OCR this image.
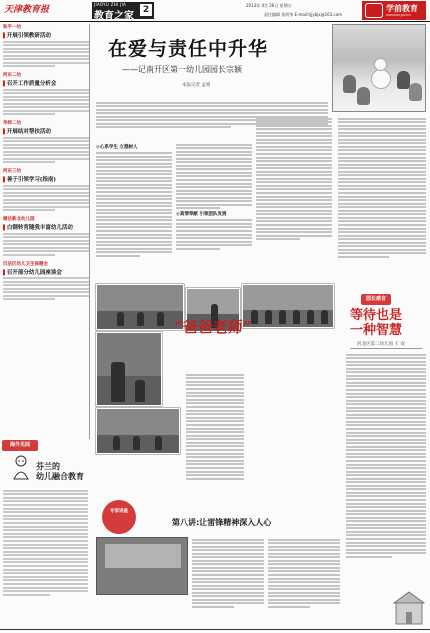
天津教育报
JIAOYU ZHI JIA
教育之家
2	2013年 4月 26日 星期五
责任编辑 张明华 E-mail:tjjybjx@163.com
学前教育
XUEQIAN JIAOYU
和平一幼
▌ 开展引领教研活动
河东二幼
▌ 召开工作质量分析会
华师二幼
▌ 开展结对帮扶活动
河东三幼
▌ 善于引领学习(指南)
塘沽新北幼儿园
▌ 白钢转背随我丰富幼儿活动
汉沽区幼儿卫生保健会
▌ 召开部分幼儿园座谈会
海外见闻
芬兰的
幼儿融合教育
在爱与责任中升华
——记南开区第一幼儿园园长宗颖
本报记者 孟娟
◎心系学生 立德树人
◎真情奉献 引领团队发展
“爸爸老师”
专家讲座
第八讲:让雷锋精神深入人心
园长感言
等待也是
一种智慧
河北区第二幼儿园 王 欢
